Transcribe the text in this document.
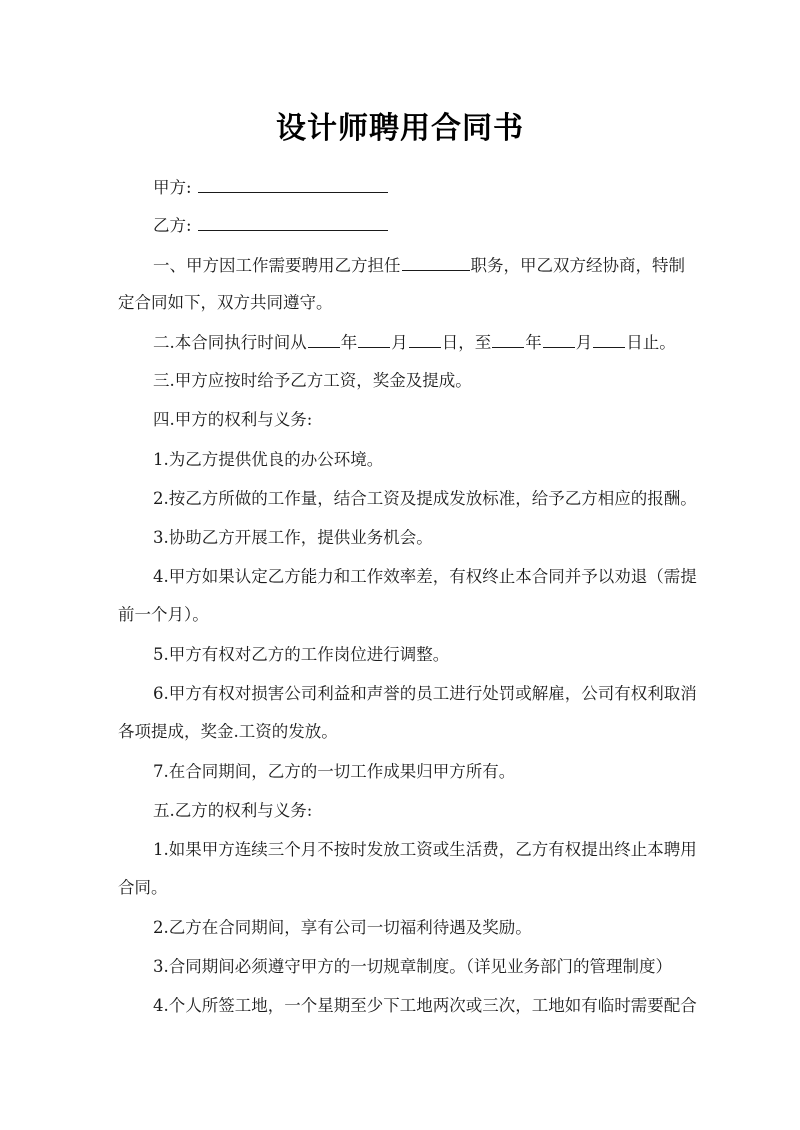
设计师聘用合同书
甲方:
乙方:
一、甲方因工作需要聘用乙方担任	职务，甲乙双方经协商，特制
定合同如下，双方共同遵守。
二.本合同执行时间从 年 月 日，至 年 月 日止。
三.甲方应按时给予乙方工资，奖金及提成。
四.甲方的权利与义务:
1.为乙方提供优良的办公环境。
2.按乙方所做的工作量，结合工资及提成发放标准，给予乙方相应的报酬。
3.协助乙方开展工作，提供业务机会。
4.甲方如果认定乙方能力和工作效率差，有权终止本合同并予以劝退（需提
前一个月）。
5.甲方有权对乙方的工作岗位进行调整。
6.甲方有权对损害公司利益和声誉的员工进行处罚或解雇，公司有权利取消
各项提成，奖金.工资的发放。
7.在合同期间，乙方的一切工作成果归甲方所有。
五.乙方的权利与义务:
1.如果甲方连续三个月不按时发放工资或生活费，乙方有权提出终止本聘用
合同。
2.乙方在合同期间，享有公司一切福利待遇及奖励。
3.合同期间必须遵守甲方的一切规章制度。（详见业务部门的管理制度）
4.个人所签工地，一个星期至少下工地两次或三次，工地如有临时需要配合
